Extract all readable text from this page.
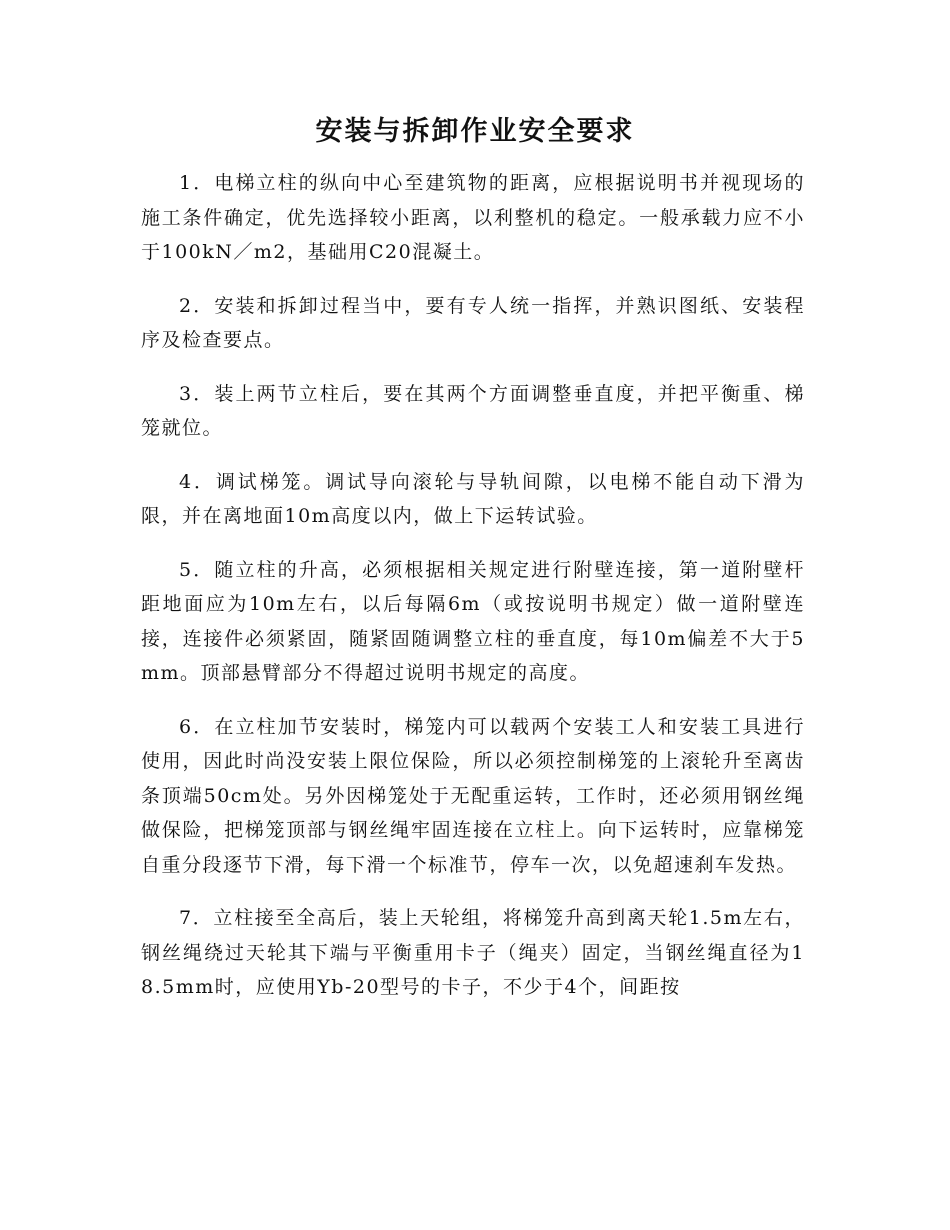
安装与拆卸作业安全要求

1．电梯立柱的纵向中心至建筑物的距离，应根据说明书并视现场的施工条件确定，优先选择较小距离，以利整机的稳定。一般承载力应不小于100kN／m2，基础用C20混凝土。

2．安装和拆卸过程当中，要有专人统一指挥，并熟识图纸、安装程序及检查要点。

3．装上两节立柱后，要在其两个方面调整垂直度，并把平衡重、梯笼就位。

4．调试梯笼。调试导向滚轮与导轨间隙，以电梯不能自动下滑为限，并在离地面10m高度以内，做上下运转试验。

5．随立柱的升高，必须根据相关规定进行附壁连接，第一道附壁杆距地面应为10m左右，以后每隔6m（或按说明书规定）做一道附壁连接，连接件必须紧固，随紧固随调整立柱的垂直度，每10m偏差不大于5mm。顶部悬臂部分不得超过说明书规定的高度。

6．在立柱加节安装时，梯笼内可以载两个安装工人和安装工具进行使用，因此时尚没安装上限位保险，所以必须控制梯笼的上滚轮升至离齿条顶端50cm处。另外因梯笼处于无配重运转，工作时，还必须用钢丝绳做保险，把梯笼顶部与钢丝绳牢固连接在立柱上。向下运转时，应靠梯笼自重分段逐节下滑，每下滑一个标准节，停车一次，以免超速刹车发热。

7．立柱接至全高后，装上天轮组，将梯笼升高到离天轮1.5m左右，钢丝绳绕过天轮其下端与平衡重用卡子（绳夹）固定，当钢丝绳直径为18.5mm时，应使用Yb-20型号的卡子，不少于4个，间距按
